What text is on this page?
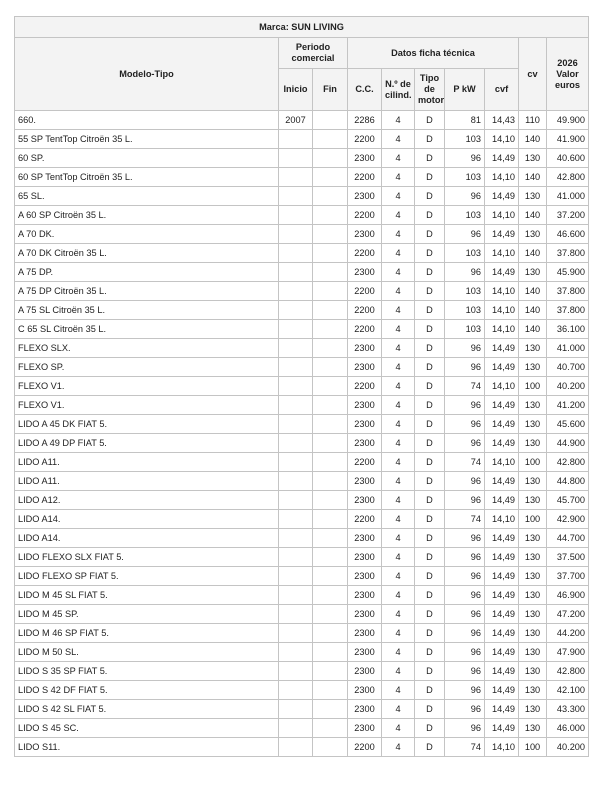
Marca: SUN LIVING									
Modelo-Tipo	Periodo comercial		Datos ficha técnica					cv	2026 Valor euros
	Inicio	Fin	C.C.	N.º de cilind.	Tipo de motor	P kW	cvf		
660.	2007		2286	4	D	81	14,43	110	49.900
55 SP TentTop Citroën 35 L.			2200	4	D	103	14,10	140	41.900
60 SP.			2300	4	D	96	14,49	130	40.600
60 SP TentTop Citroën 35 L.			2200	4	D	103	14,10	140	42.800
65 SL.			2300	4	D	96	14,49	130	41.000
A 60 SP Citroën 35 L.			2200	4	D	103	14,10	140	37.200
A 70 DK.			2300	4	D	96	14,49	130	46.600
A 70 DK Citroën 35 L.			2200	4	D	103	14,10	140	37.800
A 75 DP.			2300	4	D	96	14,49	130	45.900
A 75 DP Citroën 35 L.			2200	4	D	103	14,10	140	37.800
A 75 SL Citroën 35 L.			2200	4	D	103	14,10	140	37.800
C 65 SL Citroën 35 L.			2200	4	D	103	14,10	140	36.100
FLEXO SLX.			2300	4	D	96	14,49	130	41.000
FLEXO SP.			2300	4	D	96	14,49	130	40.700
FLEXO V1.			2200	4	D	74	14,10	100	40.200
FLEXO V1.			2300	4	D	96	14,49	130	41.200
LIDO A 45 DK FIAT 5.			2300	4	D	96	14,49	130	45.600
LIDO A 49 DP FIAT 5.			2300	4	D	96	14,49	130	44.900
LIDO A11.			2200	4	D	74	14,10	100	42.800
LIDO A11.			2300	4	D	96	14,49	130	44.800
LIDO A12.			2300	4	D	96	14,49	130	45.700
LIDO A14.			2200	4	D	74	14,10	100	42.900
LIDO A14.			2300	4	D	96	14,49	130	44.700
LIDO FLEXO SLX FIAT 5.			2300	4	D	96	14,49	130	37.500
LIDO FLEXO SP FIAT 5.			2300	4	D	96	14,49	130	37.700
LIDO M 45 SL FIAT 5.			2300	4	D	96	14,49	130	46.900
LIDO M 45 SP.			2300	4	D	96	14,49	130	47.200
LIDO M 46 SP FIAT 5.			2300	4	D	96	14,49	130	44.200
LIDO M 50 SL.			2300	4	D	96	14,49	130	47.900
LIDO S 35 SP FIAT 5.			2300	4	D	96	14,49	130	42.800
LIDO S 42 DF FIAT 5.			2300	4	D	96	14,49	130	42.100
LIDO S 42 SL FIAT 5.			2300	4	D	96	14,49	130	43.300
LIDO S 45 SC.			2300	4	D	96	14,49	130	46.000
LIDO S11.			2200	4	D	74	14,10	100	40.200
